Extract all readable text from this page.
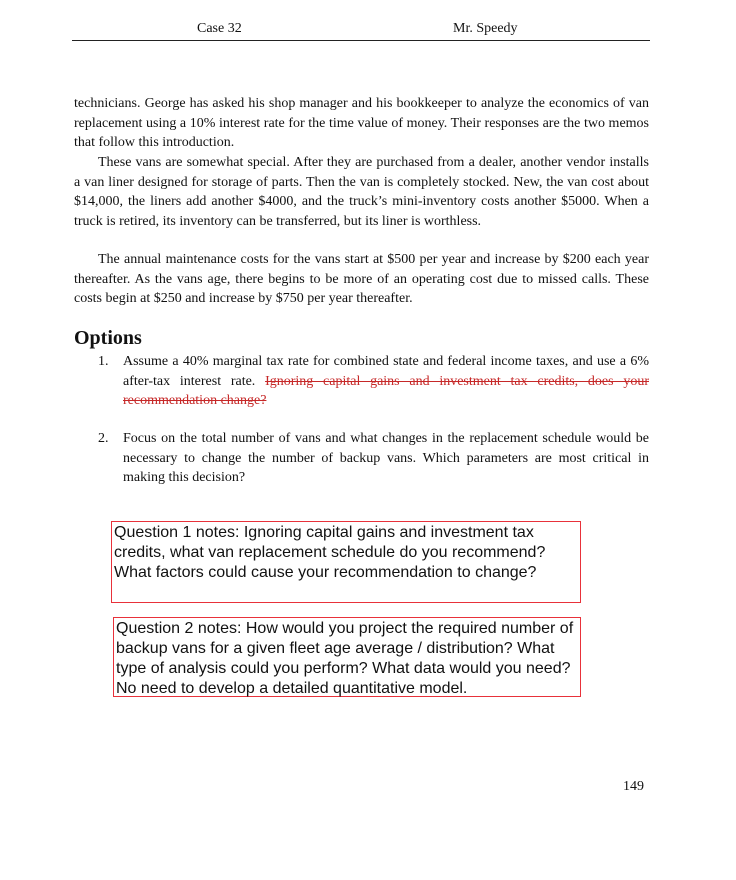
Case 32	Mr. Speedy

technicians. George has asked his shop manager and his bookkeeper to analyze the economics of van replacement using a 10% interest rate for the time value of money. Their responses are the two memos that follow this introduction.

These vans are somewhat special. After they are purchased from a dealer, another vendor installs a van liner designed for storage of parts. Then the van is completely stocked. New, the van cost about $14,000, the liners add another $4000, and the truck’s mini-inventory costs another $5000. When a truck is retired, its inventory can be transferred, but its liner is worthless.

The annual maintenance costs for the vans start at $500 per year and increase by $200 each year thereafter. As the vans age, there begins to be more of an operating cost due to missed calls. These costs begin at $250 and increase by $750 per year thereafter.

Options
1. Assume a 40% marginal tax rate for combined state and federal income taxes, and use a 6% after-tax interest rate. Ignoring capital gains and investment tax credits, does your recommendation change?
2. Focus on the total number of vans and what changes in the replacement schedule would be necessary to change the number of backup vans. Which parameters are most critical in making this decision?
Question 1 notes: Ignoring capital gains and investment tax credits, what van replacement schedule do you recommend? What factors could cause your recommendation to change?
Question 2 notes: How would you project the required number of backup vans for a given fleet age average / distribution? What type of analysis could you perform? What data would you need? No need to develop a detailed quantitative model.
149
